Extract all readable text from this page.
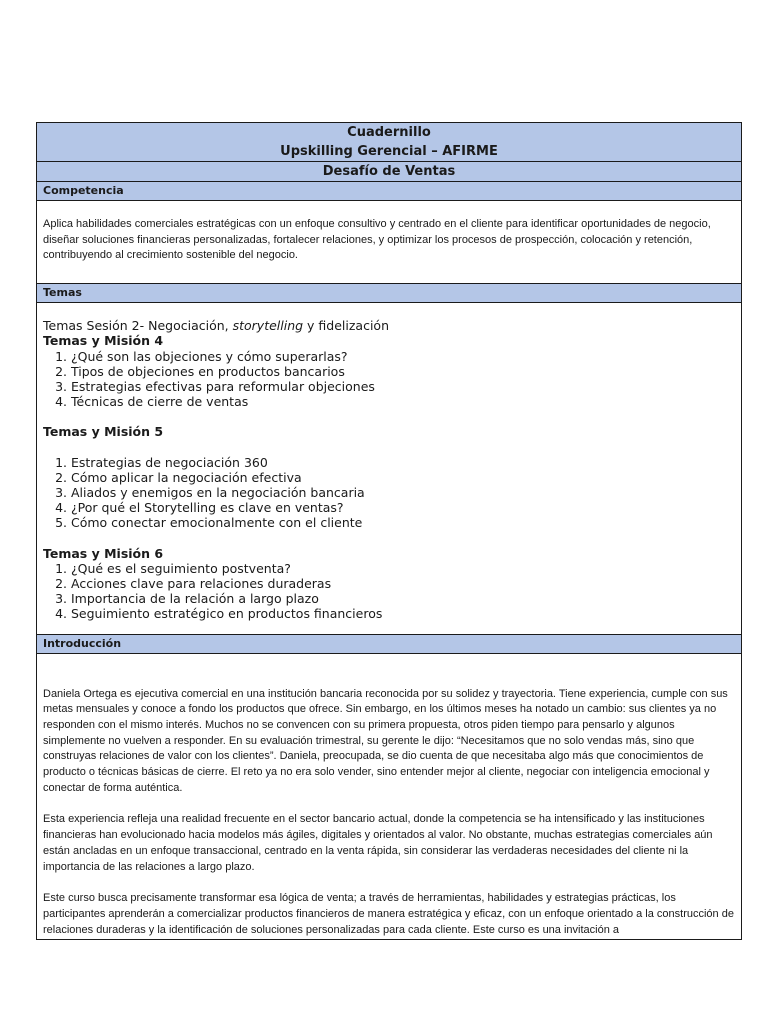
Cuadernillo
Upskilling Gerencial – AFIRME
Desafío de Ventas
Competencia
Aplica habilidades comerciales estratégicas con un enfoque consultivo y centrado en el cliente para identificar oportunidades de negocio, diseñar soluciones financieras personalizadas, fortalecer relaciones, y optimizar los procesos de prospección, colocación y retención, contribuyendo al crecimiento sostenible del negocio.
Temas
Temas Sesión 2- Negociación, storytelling y fidelización
Temas y Misión 4
1. ¿Qué son las objeciones y cómo superarlas?
2. Tipos de objeciones en productos bancarios
3. Estrategias efectivas para reformular objeciones
4. Técnicas de cierre de ventas
Temas y Misión 5
1. Estrategias de negociación 360
2. Cómo aplicar la negociación efectiva
3. Aliados y enemigos en la negociación bancaria
4. ¿Por qué el Storytelling es clave en ventas?
5. Cómo conectar emocionalmente con el cliente
Temas y Misión 6
1. ¿Qué es el seguimiento postventa?
2. Acciones clave para relaciones duraderas
3. Importancia de la relación a largo plazo
4. Seguimiento estratégico en productos financieros
Introducción

Daniela Ortega es ejecutiva comercial en una institución bancaria reconocida por su solidez y trayectoria. Tiene experiencia, cumple con sus metas mensuales y conoce a fondo los productos que ofrece. Sin embargo, en los últimos meses ha notado un cambio: sus clientes ya no responden con el mismo interés. Muchos no se convencen con su primera propuesta, otros piden tiempo para pensarlo y algunos simplemente no vuelven a responder. En su evaluación trimestral, su gerente le dijo: “Necesitamos que no solo vendas más, sino que construyas relaciones de valor con los clientes”. Daniela, preocupada, se dio cuenta de que necesitaba algo más que conocimientos de producto o técnicas básicas de cierre. El reto ya no era solo vender, sino entender mejor al cliente, negociar con inteligencia emocional y conectar de forma auténtica.

Esta experiencia refleja una realidad frecuente en el sector bancario actual, donde la competencia se ha intensificado y las instituciones financieras han evolucionado hacia modelos más ágiles, digitales y orientados al valor. No obstante, muchas estrategias comerciales aún están ancladas en un enfoque transaccional, centrado en la venta rápida, sin considerar las verdaderas necesidades del cliente ni la importancia de las relaciones a largo plazo.

Este curso busca precisamente transformar esa lógica de venta; a través de herramientas, habilidades y estrategias prácticas, los participantes aprenderán a comercializar productos financieros de manera estratégica y eficaz, con un enfoque orientado a la construcción de relaciones duraderas y la identificación de soluciones personalizadas para cada cliente. Este curso es una invitación a
